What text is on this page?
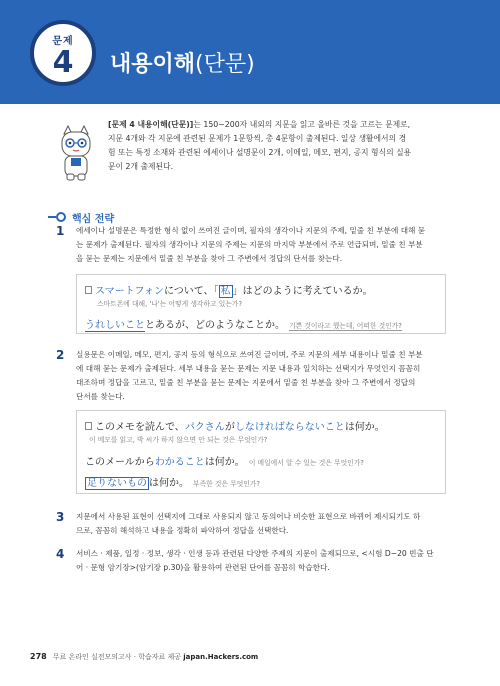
문제
4	내용이해(단문)
[문제 4 내용이해(단문)]는 150~200자 내외의 지문을 읽고 올바른 것을 고르는 문제로,
지문 4개와 각 지문에 관련된 문제가 1문항씩, 총 4문항이 출제된다. 일상 생활에서의 경
험 또는 특정 소재와 관련된 에세이나 설명문이 2개, 이메일, 메모, 편지, 공지 형식의 실용
문이 2개 출제된다.
핵심 전략
1 에세이나 설명문은 특정한 형식 없이 쓰여진 글이며, 필자의 생각이나 지문의 주제, 밑줄 친 부분에 대해 묻
는 문제가 출제된다. 필자의 생각이나 지문의 주제는 지문의 마지막 부분에서 주로 언급되며, 밑줄 친 부분
을 묻는 문제는 지문에서 밑줄 친 부분을 찾아 그 주변에서 정답의 단서를 찾는다.
スマートフォンについて、「 私 」はどのように考えているか。
스마트폰에 대해, '나'는 어떻게 생각하고 있는가?
うれしいこととあるが、どのようなことか。 기쁜 것이라고 했는데, 어떠한 것인가?
2 실용문은 이메일, 메모, 편지, 공지 등의 형식으로 쓰여진 글이며, 주로 지문의 세부 내용이나 밑줄 친 부분
에 대해 묻는 문제가 출제된다. 세부 내용을 묻는 문제는 지문 내용과 일치하는 선택지가 무엇인지 꼼꼼히
대조하며 정답을 고르고, 밑줄 친 부분을 묻는 문제는 지문에서 밑줄 친 부분을 찾아 그 주변에서 정답의
단서를 찾는다.
このメモを読んで、パクさんがしなければならないことは何か。
이 메모를 읽고, 박 씨가 하지 않으면 안 되는 것은 무엇인가?
このメールからわかることは何か。 이 메일에서 알 수 있는 것은 무엇인가?
足りないもの は何か。 부족한 것은 무엇인가?
3 지문에서 사용된 표현이 선택지에 그대로 사용되지 않고 동의어나 비슷한 표현으로 바뀌어 제시되기도 하
므로, 꼼꼼히 해석하고 내용을 정확히 파악하여 정답을 선택한다.
4 서비스 · 제품, 일정 · 정보, 생각 · 인생 등과 관련된 다양한 주제의 지문이 출제되므로, <시험 D−20 빈출 단
어 · 문형 암기장>(암기장 p.30)을 활용하여 관련된 단어를 꼼꼼히 학습한다.
278 무료 온라인 실전모의고사 · 학습자료 제공 japan.Hackers.com
